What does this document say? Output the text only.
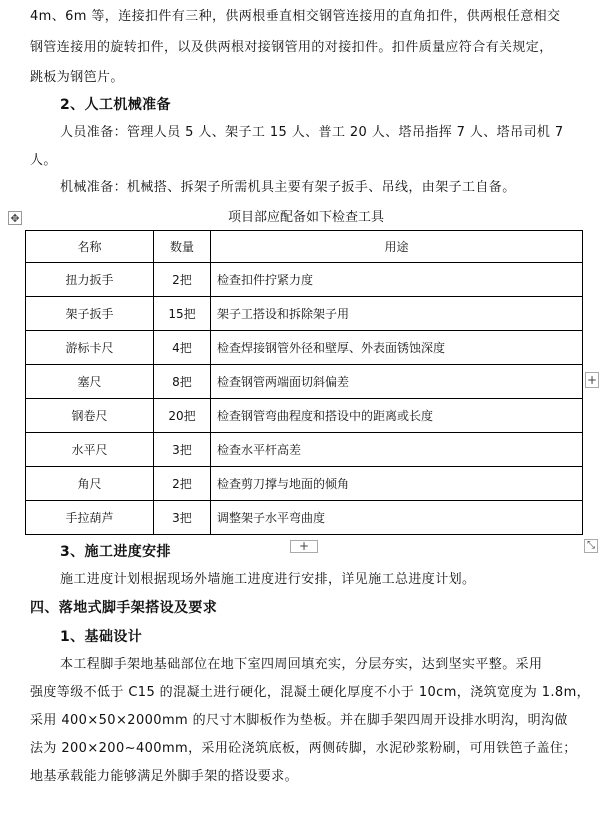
4m、6m 等，连接扣件有三种，供两根垂直相交钢管连接用的直角扣件，供两根任意相交
钢管连接用的旋转扣件，以及供两根对接钢管用的对接扣件。扣件质量应符合有关规定，
跳板为钢笆片。
2、人工机械准备
人员准备：管理人员 5 人、架子工 15 人、普工 20 人、塔吊指挥 7 人、塔吊司机 7
人。
机械准备：机械搭、拆架子所需机具主要有架子扳手、吊线，由架子工自备。
✥	项目部应配备如下检查工具
名称	数量	用途
扭力扳手	2把	检查扣件拧紧力度
架子扳手	15把	架子工搭设和拆除架子用
游标卡尺	4把	检查焊接钢管外径和壁厚、外表面锈蚀深度
塞尺	8把	检查钢管两端面切斜偏差
钢卷尺	20把	检查钢管弯曲程度和搭设中的距离或长度
水平尺	3把	检查水平杆高差
角尺	2把	检查剪刀撑与地面的倾角
手拉葫芦	3把	调整架子水平弯曲度
+
+	⤡
3、施工进度安排
施工进度计划根据现场外墙施工进度进行安排，详见施工总进度计划。
四、落地式脚手架搭设及要求
1、基础设计
本工程脚手架地基础部位在地下室四周回填充实，分层夯实，达到坚实平整。采用
强度等级不低于 C15 的混凝土进行硬化，混凝土硬化厚度不小于 10cm，浇筑宽度为 1.8m，
采用 400×50×2000mm 的尺寸木脚板作为垫板。并在脚手架四周开设排水明沟，明沟做
法为 200×200~400mm，采用砼浇筑底板，两侧砖脚，水泥砂浆粉刷，可用铁笆子盖住；
地基承载能力能够满足外脚手架的搭设要求。
